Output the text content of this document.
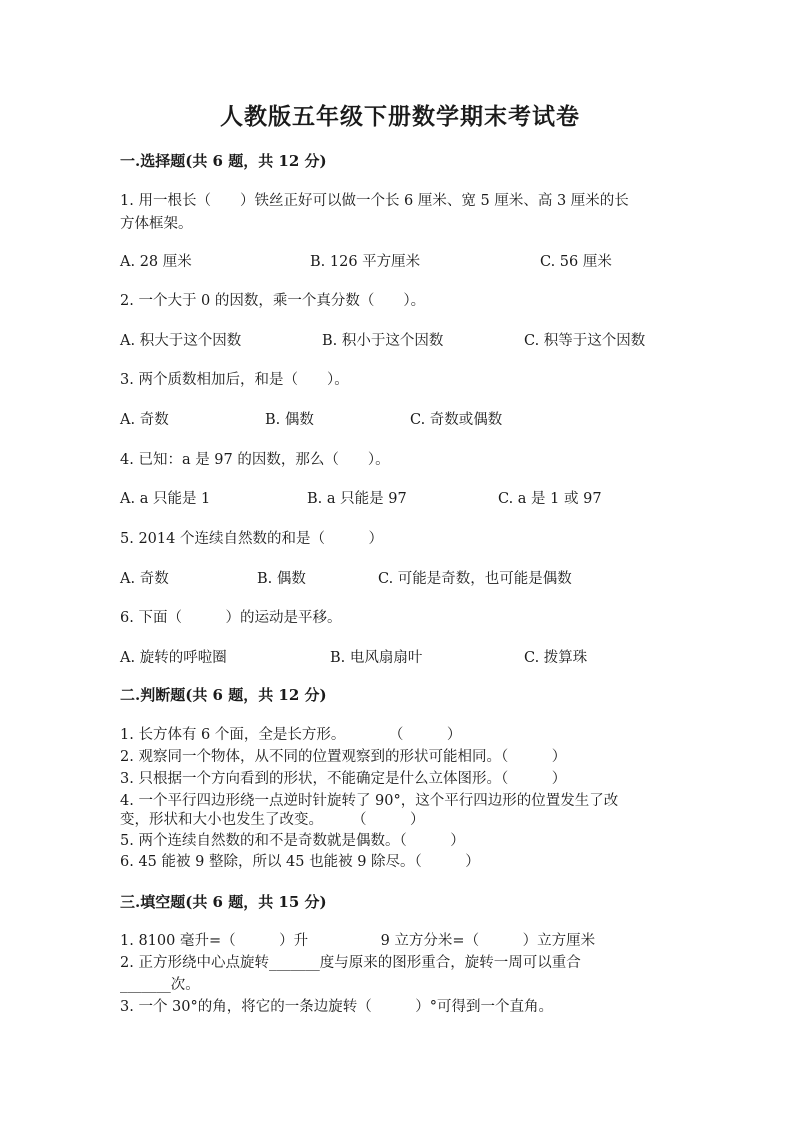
人教版五年级下册数学期末考试卷
一.选择题(共 6 题，共 12 分)
1. 用一根长（　　）铁丝正好可以做一个长 6 厘米、宽 5 厘米、高 3 厘米的长
方体框架。
A. 28 厘米	B. 126 平方厘米	C. 56 厘米
2. 一个大于 0 的因数，乘一个真分数（　　）。
A. 积大于这个因数	B. 积小于这个因数	C. 积等于这个因数
3. 两个质数相加后，和是（　　）。
A. 奇数	B. 偶数	C. 奇数或偶数
4. 已知：a 是 97 的因数，那么（　　）。
A. a 只能是 1	B. a 只能是 97	C. a 是 1 或 97
5. 2014 个连续自然数的和是（　　　）
A. 奇数	B. 偶数	C. 可能是奇数，也可能是偶数
6. 下面（　　　）的运动是平移。
A. 旋转的呼啦圈	B. 电风扇扇叶	C. 拨算珠
二.判断题(共 6 题，共 12 分)
1. 长方体有 6 个面，全是长方形。　　　　（　　　）
2. 观察同一个物体，从不同的位置观察到的形状可能相同。（　　　）
3. 只根据一个方向看到的形状，不能确定是什么立体图形。（　　　）
4. 一个平行四边形绕一点逆时针旋转了 90°，这个平行四边形的位置发生了改
变，形状和大小也发生了改变。　　　（　　　）
5. 两个连续自然数的和不是奇数就是偶数。（　　　）
6. 45 能被 9 整除，所以 45 也能被 9 除尽。（　　　）
三.填空题(共 6 题，共 15 分)
1. 8100 毫升=（　　　）升　　　　　9 立方分米=（　　　）立方厘米
2. 正方形绕中心点旋转_______度与原来的图形重合，旋转一周可以重合
_______次。
3. 一个 30°的角，将它的一条边旋转（　　　）°可得到一个直角。
